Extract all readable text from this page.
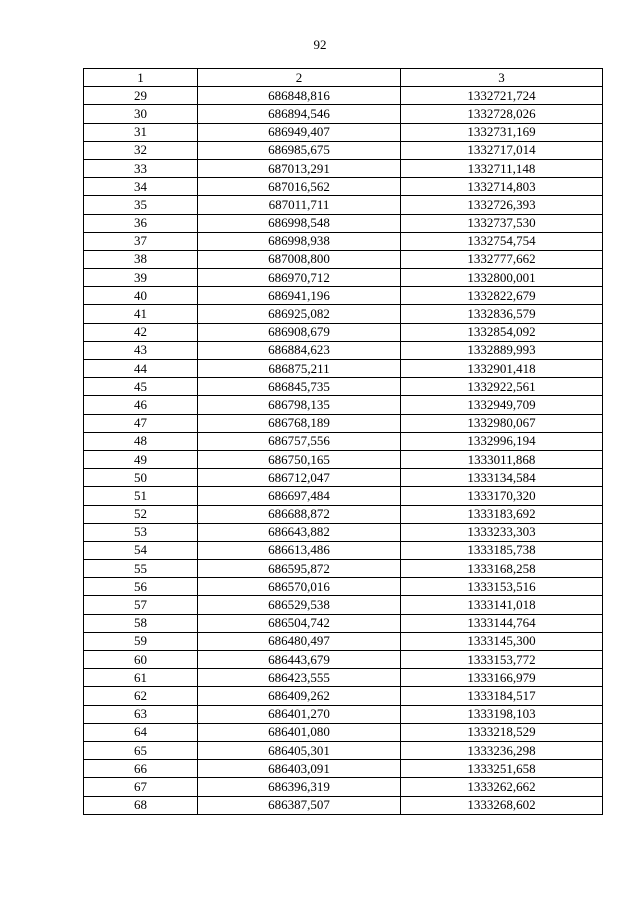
92
1	2	3
29	686848,816	1332721,724
30	686894,546	1332728,026
31	686949,407	1332731,169
32	686985,675	1332717,014
33	687013,291	1332711,148
34	687016,562	1332714,803
35	687011,711	1332726,393
36	686998,548	1332737,530
37	686998,938	1332754,754
38	687008,800	1332777,662
39	686970,712	1332800,001
40	686941,196	1332822,679
41	686925,082	1332836,579
42	686908,679	1332854,092
43	686884,623	1332889,993
44	686875,211	1332901,418
45	686845,735	1332922,561
46	686798,135	1332949,709
47	686768,189	1332980,067
48	686757,556	1332996,194
49	686750,165	1333011,868
50	686712,047	1333134,584
51	686697,484	1333170,320
52	686688,872	1333183,692
53	686643,882	1333233,303
54	686613,486	1333185,738
55	686595,872	1333168,258
56	686570,016	1333153,516
57	686529,538	1333141,018
58	686504,742	1333144,764
59	686480,497	1333145,300
60	686443,679	1333153,772
61	686423,555	1333166,979
62	686409,262	1333184,517
63	686401,270	1333198,103
64	686401,080	1333218,529
65	686405,301	1333236,298
66	686403,091	1333251,658
67	686396,319	1333262,662
68	686387,507	1333268,602
